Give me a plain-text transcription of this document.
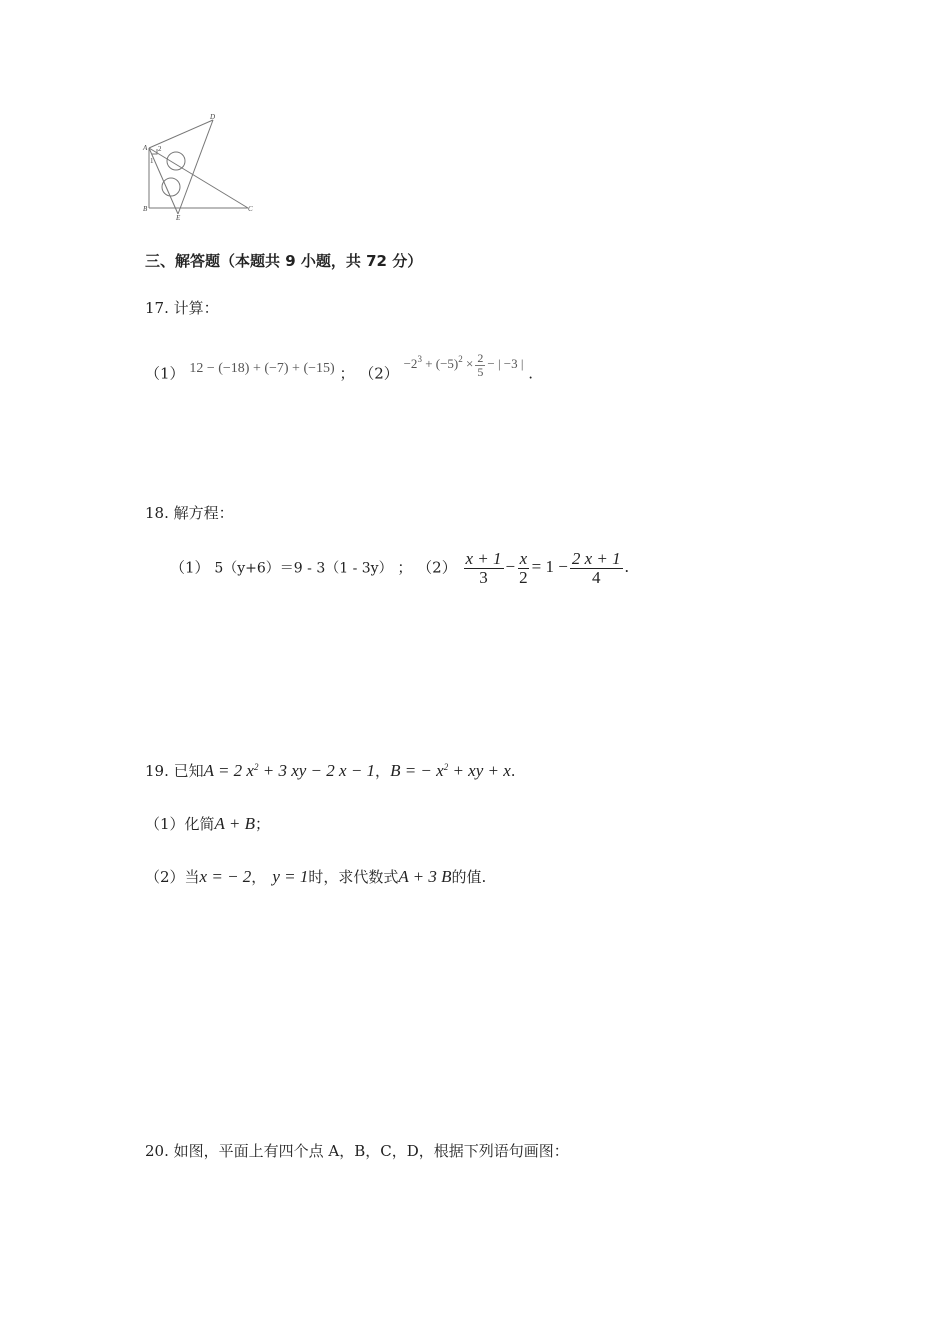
A
B	C
D
E
2
1
三、解答题（本题共 9 小题，共 72 分）
17. 计算：
（1） 12 − (−18) + (−7) + (−15) ； $(2) -2^3 + (-5)^2 \times \frac{2}{5}$ − | −3 | .
18. 解方程：
（1） 5（y+6）＝9 - 3（1 - 3y） ； $(2) \frac{x + 1}{3} - \frac{x}{2} = 1 - \frac{2 x + 1}{4}$ .
19. 已知A = 2 $x^2 + 3$ xy − 2 x − 1，B = − $x^2$ + xy + x.
（1）化简A + B；
（2）当x = − 2， y = 1时，求代数式A + 3 B的值.
20. 如图，平面上有四个点 A，B，C，D，根据下列语句画图：
